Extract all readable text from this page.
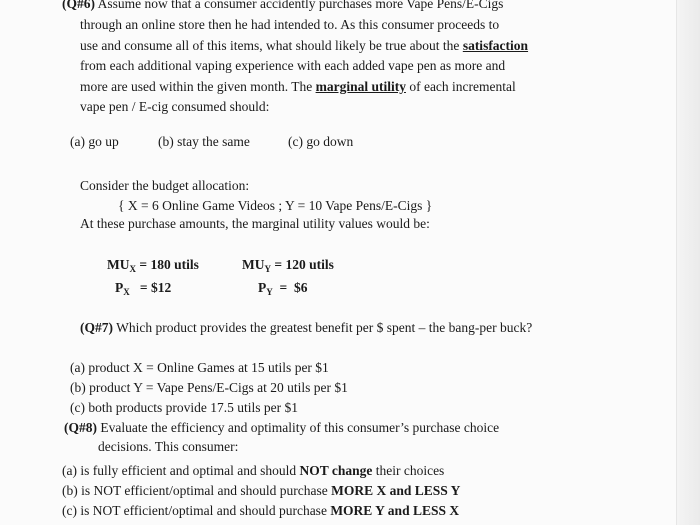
(Q#6) Assume now that a consumer accidently purchases more Vape Pens/E-Cigs
through an online store then he had intended to. As this consumer proceeds to
use and consume all of this items, what should likely be true about the satisfaction
from each additional vaping experience with each added vape pen as more and
more are used within the given month. The marginal utility of each incremental
vape pen / E-cig consumed should:
(a) go up	(b) stay the same	(c) go down
Consider the budget allocation:
{ X = 6 Online Game Videos ; Y = 10 Vape Pens/E-Cigs }
At these purchase amounts, the marginal utility values would be:
$MU_X = 180$ utils	$MU_Y = 120$ utils
$P_X$   = $12	$P_Y$  =  $6
(Q#7) Which product provides the greatest benefit per $ spent – the bang-per buck?
(a) product X = Online Games at 15 utils per $1
(b) product Y = Vape Pens/E-Cigs at 20 utils per $1
(c) both products provide 17.5 utils per $1
(Q#8) Evaluate the efficiency and optimality of this consumer’s purchase choice
decisions. This consumer:
(a) is fully efficient and optimal and should NOT change their choices
(b) is NOT efficient/optimal and should purchase MORE X and LESS Y
(c) is NOT efficient/optimal and should purchase MORE Y and LESS X
